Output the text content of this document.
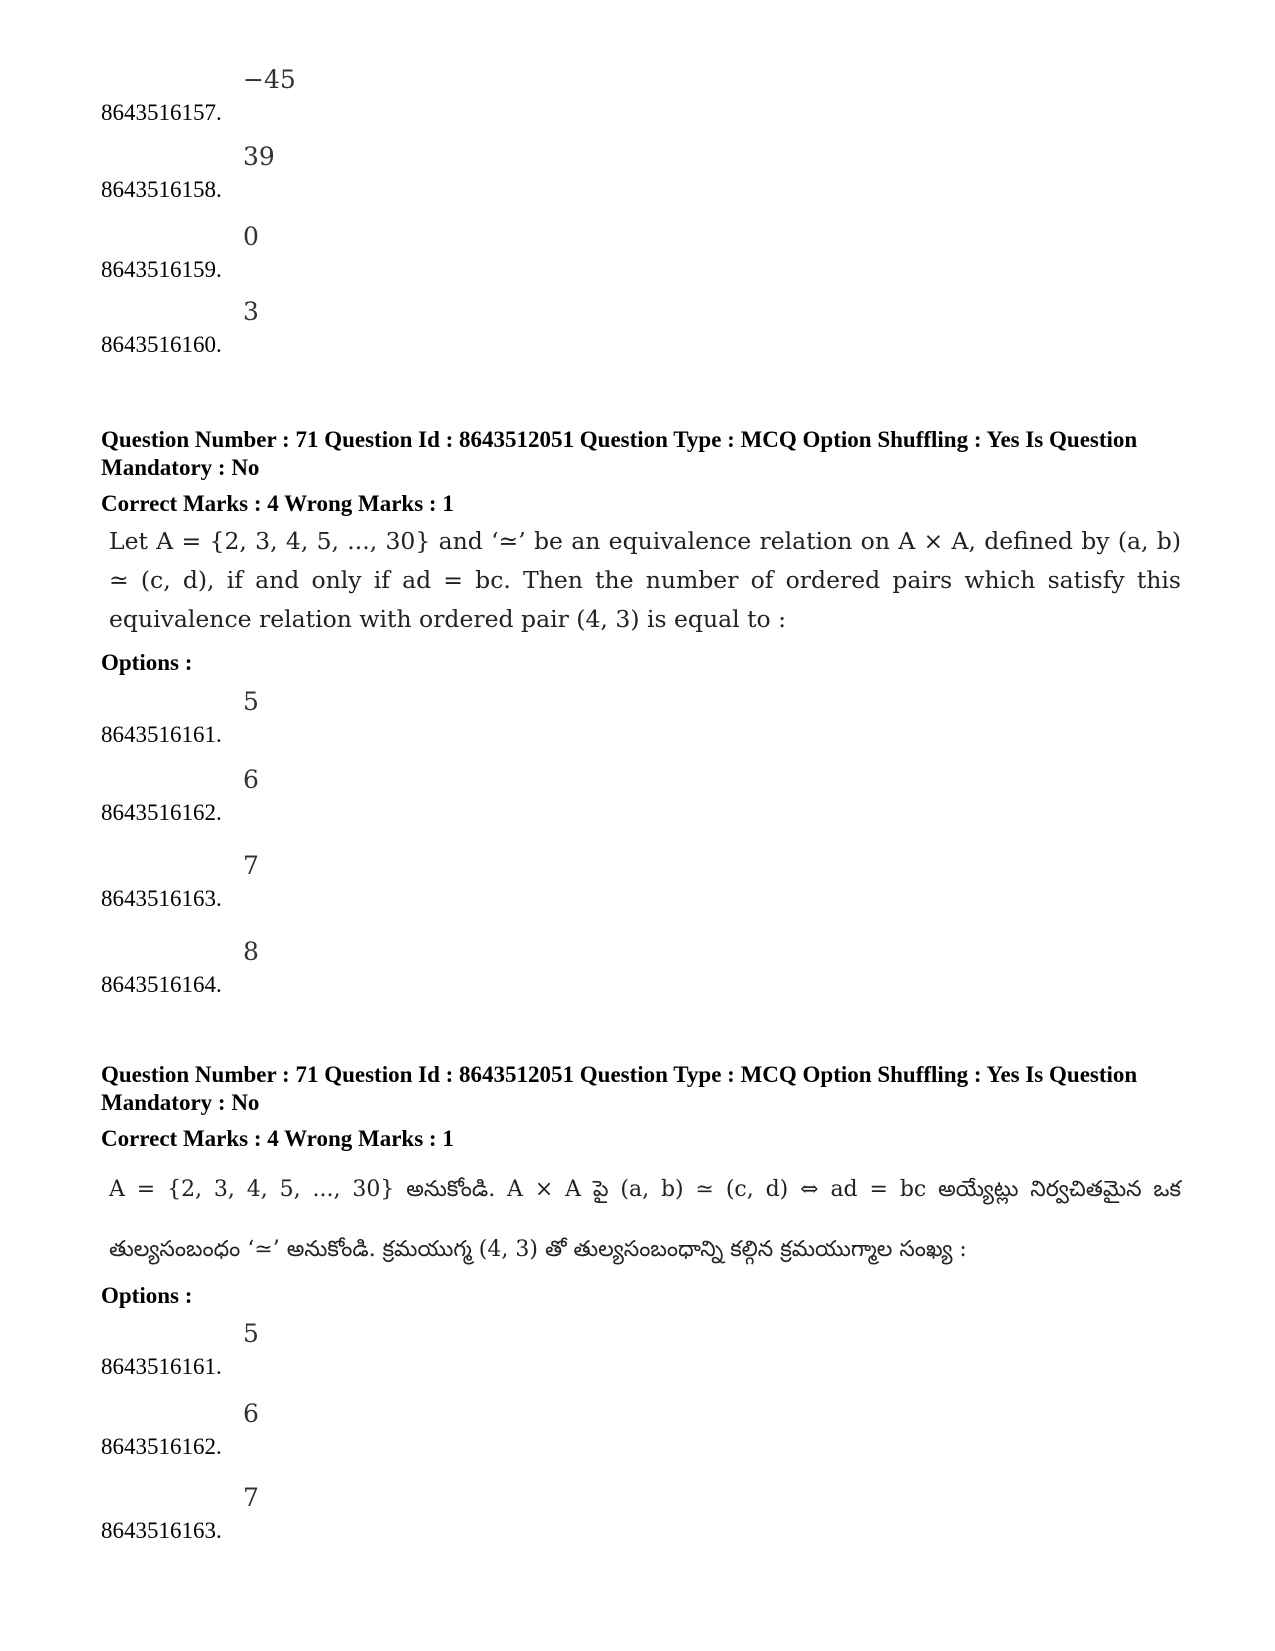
8643516157.
−45
8643516158.
39
8643516159.
0
8643516160.
3
Question Number : 71 Question Id : 8643512051 Question Type : MCQ Option Shuffling : Yes Is Question Mandatory : No
Correct Marks : 4 Wrong Marks : 1
Let A = {2, 3, 4, 5, ..., 30} and ‘≃’ be an equivalence relation on A × A, defined by (a, b) ≃ (c, d), if and only if ad = bc. Then the number of ordered pairs which satisfy this equivalence relation with ordered pair (4, 3) is equal to :
Options :
8643516161.
5
8643516162.
6
8643516163.
7
8643516164.
8
Question Number : 71 Question Id : 8643512051 Question Type : MCQ Option Shuffling : Yes Is Question Mandatory : No
Correct Marks : 4 Wrong Marks : 1
A = {2, 3, 4, 5, ..., 30} అనుకోండి. A × A పై (a, b) ≃ (c, d) ⇔ ad = bc అయ్యేట్లు నిర్వచితమైన ఒక తుల్యసంబంధం ‘≃’ అనుకోండి. క్రమయుగ్మ (4, 3) తో తుల్యసంబంధాన్ని కల్గిన క్రమయుగ్మాల సంఖ్య :
Options :
8643516161.
5
8643516162.
6
8643516163.
7
